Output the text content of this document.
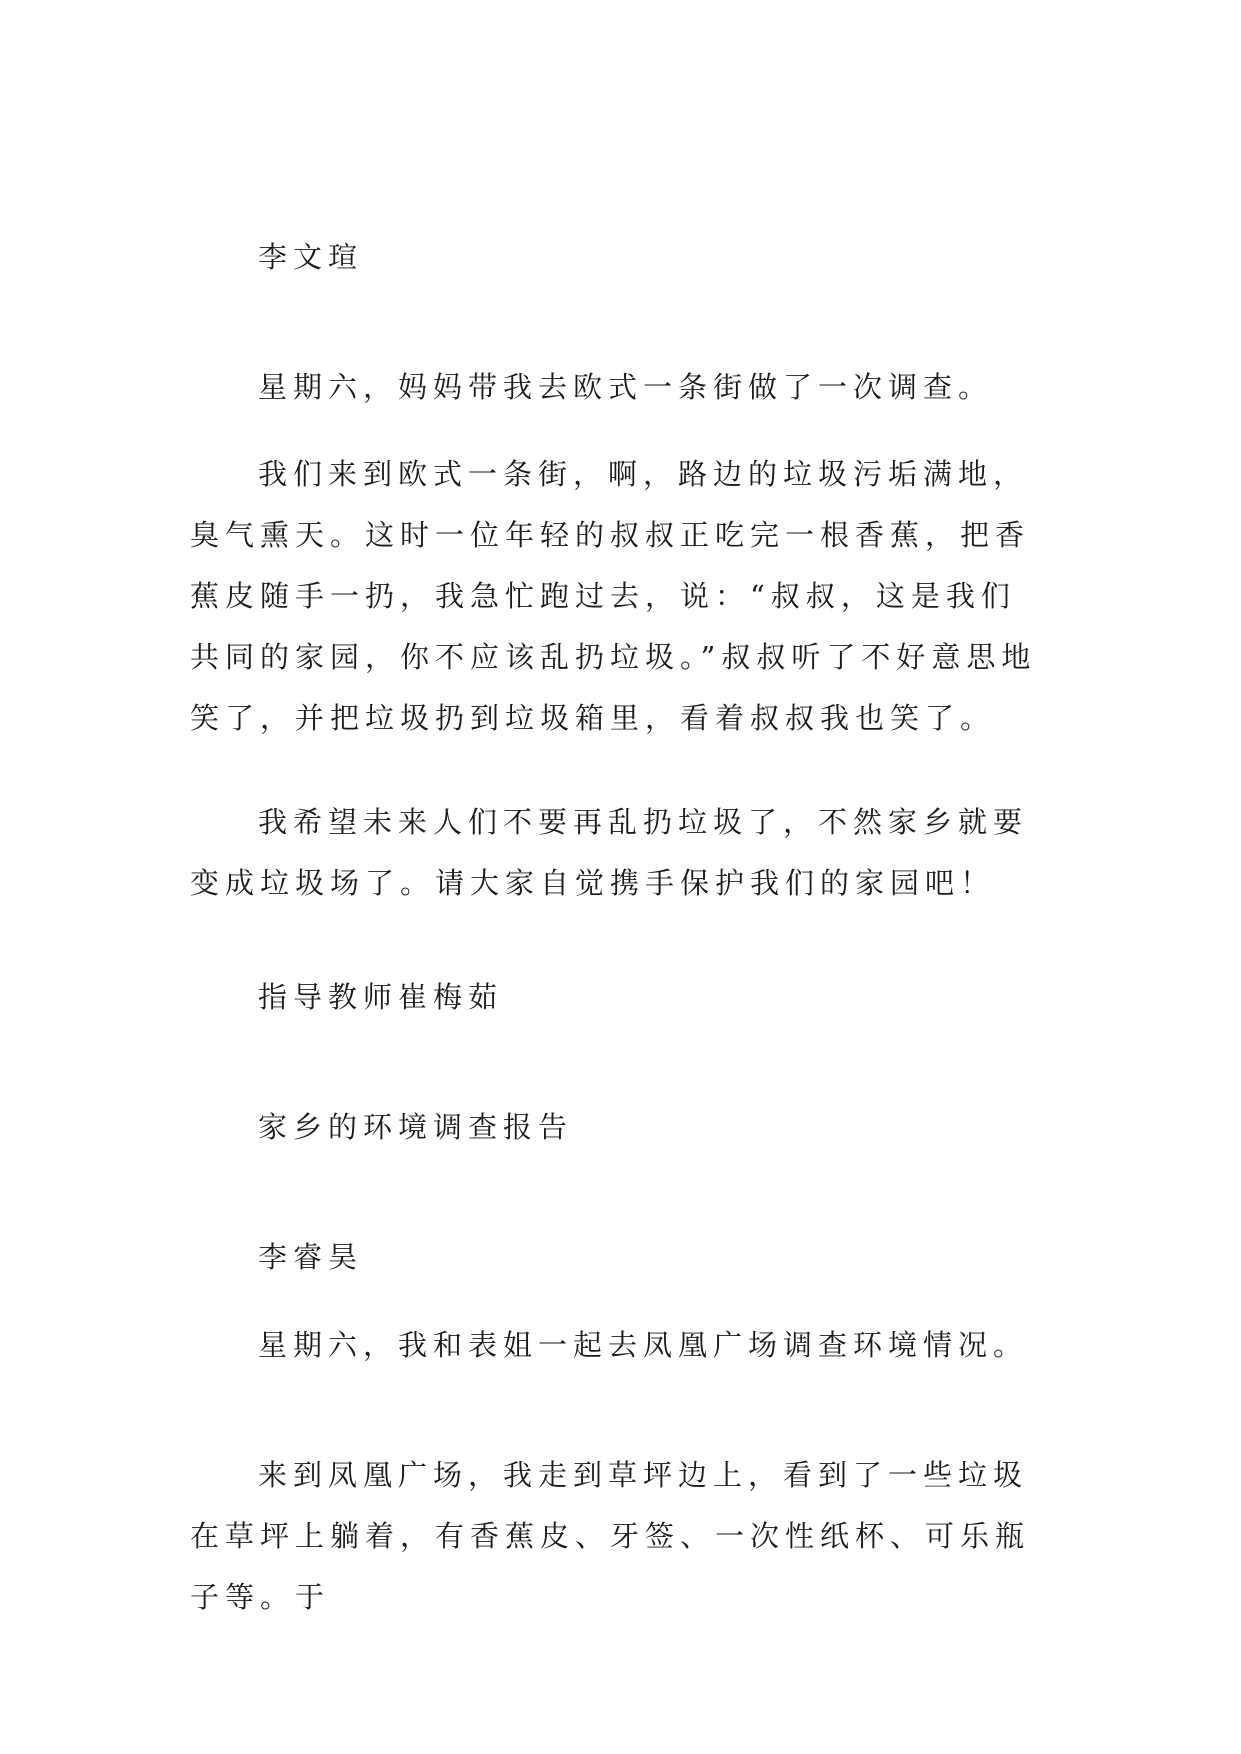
李文瑄

星期六，妈妈带我去欧式一条街做了一次调查。

我们来到欧式一条街，啊，路边的垃圾污垢满地，臭气熏天。这时一位年轻的叔叔正吃完一根香蕉，把香蕉皮随手一扔，我急忙跑过去，说：“叔叔，这是我们共同的家园，你不应该乱扔垃圾。”叔叔听了不好意思地笑了，并把垃圾扔到垃圾箱里，看着叔叔我也笑了。

我希望未来人们不要再乱扔垃圾了，不然家乡就要变成垃圾场了。请大家自觉携手保护我们的家园吧！

指导教师崔梅茹

家乡的环境调查报告

李睿昊

星期六，我和表姐一起去凤凰广场调查环境情况。

来到凤凰广场，我走到草坪边上，看到了一些垃圾在草坪上躺着，有香蕉皮、牙签、一次性纸杯、可乐瓶子等。于
